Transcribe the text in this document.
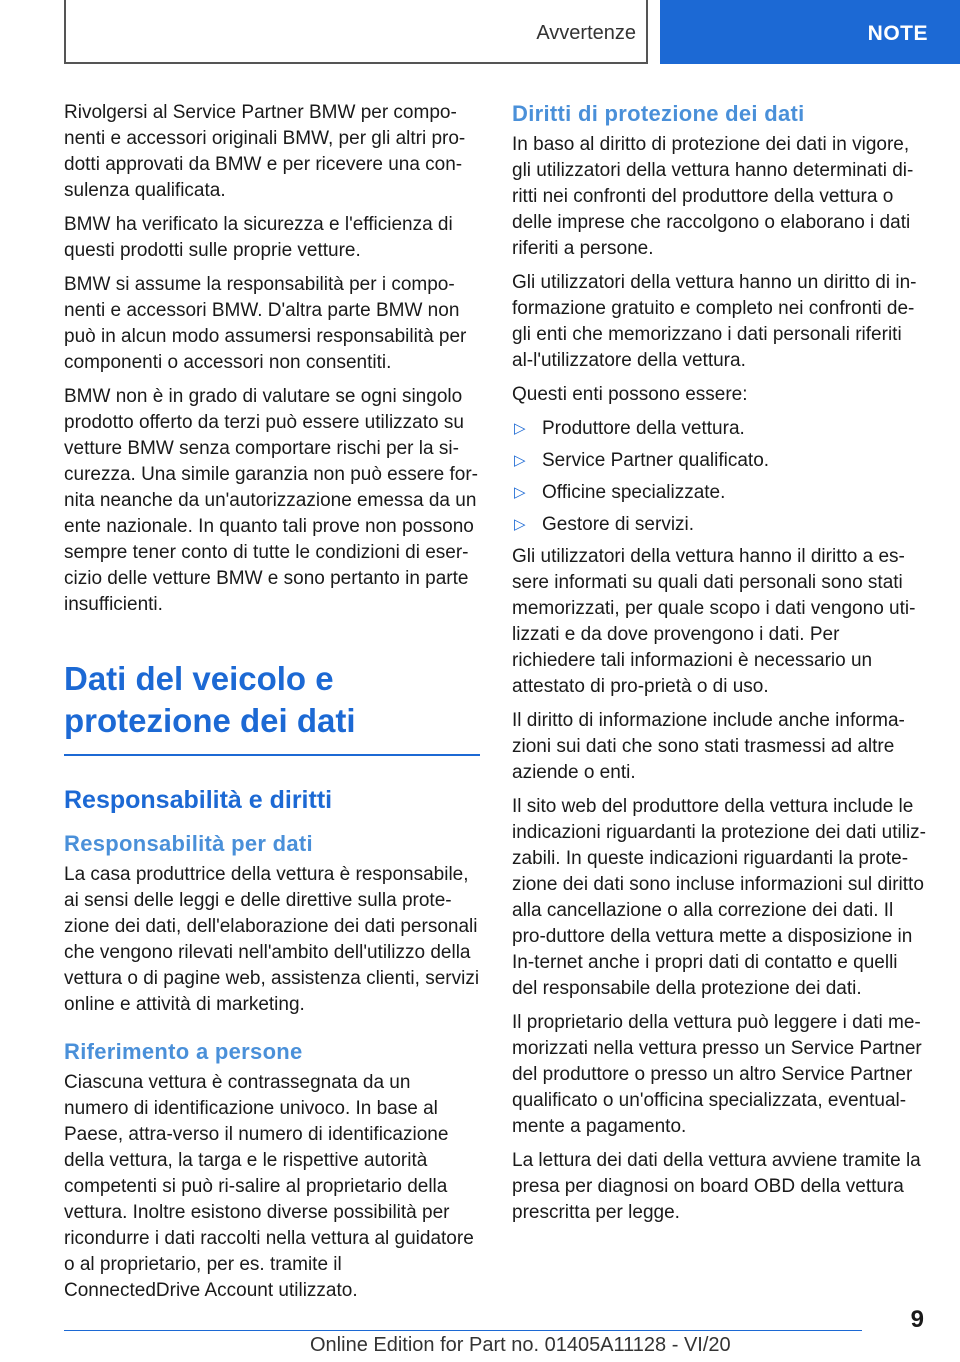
Avvertenze	NOTE

Rivolgersi al Service Partner BMW per compo-nenti e accessori originali BMW, per gli altri pro-dotti approvati da BMW e per ricevere una con-sulenza qualificata.

BMW ha verificato la sicurezza e l'efficienza di questi prodotti sulle proprie vetture.

BMW si assume la responsabilità per i compo-nenti e accessori BMW. D'altra parte BMW non può in alcun modo assumersi responsabilità per componenti o accessori non consentiti.

BMW non è in grado di valutare se ogni singolo prodotto offerto da terzi può essere utilizzato su vetture BMW senza comportare rischi per la si-curezza. Una simile garanzia non può essere for-nita neanche da un'autorizzazione emessa da un ente nazionale. In quanto tali prove non possono sempre tener conto di tutte le condizioni di eser-cizio delle vetture BMW e sono pertanto in parte insufficienti.

Dati del veicolo e protezione dei dati
Responsabilità e diritti
Responsabilità per dati

La casa produttrice della vettura è responsabile, ai sensi delle leggi e delle direttive sulla prote-zione dei dati, dell'elaborazione dei dati personali che vengono rilevati nell'ambito dell'utilizzo della vettura o di pagine web, assistenza clienti, servizi online e attività di marketing.

Riferimento a persone

Ciascuna vettura è contrassegnata da un numero di identificazione univoco. In base al Paese, attra-verso il numero di identificazione della vettura, la targa e le rispettive autorità competenti si può ri-salire al proprietario della vettura. Inoltre esistono diverse possibilità per ricondurre i dati raccolti nella vettura al guidatore o al proprietario, per es. tramite il ConnectedDrive Account utilizzato.

Diritti di protezione dei dati

In baso al diritto di protezione dei dati in vigore, gli utilizzatori della vettura hanno determinati di-ritti nei confronti del produttore della vettura o delle imprese che raccolgono o elaborano i dati riferiti a persone.

Gli utilizzatori della vettura hanno un diritto di in-formazione gratuito e completo nei confronti de-gli enti che memorizzano i dati personali riferiti al-l'utilizzatore della vettura.

Questi enti possono essere:

▷ Produttore della vettura.
▷ Service Partner qualificato.
▷ Officine specializzate.
▷ Gestore di servizi.

Gli utilizzatori della vettura hanno il diritto a es-sere informati su quali dati personali sono stati memorizzati, per quale scopo i dati vengono uti-lizzati e da dove provengono i dati. Per richiedere tali informazioni è necessario un attestato di pro-prietà o di uso.

Il diritto di informazione include anche informa-zioni sui dati che sono stati trasmessi ad altre aziende o enti.

Il sito web del produttore della vettura include le indicazioni riguardanti la protezione dei dati utiliz-zabili. In queste indicazioni riguardanti la prote-zione dei dati sono incluse informazioni sul diritto alla cancellazione o alla correzione dei dati. Il pro-duttore della vettura mette a disposizione in In-ternet anche i propri dati di contatto e quelli del responsabile della protezione dei dati.

Il proprietario della vettura può leggere i dati me-morizzati nella vettura presso un Service Partner del produttore o presso un altro Service Partner qualificato o un'officina specializzata, eventual-mente a pagamento.

La lettura dei dati della vettura avviene tramite la presa per diagnosi on board OBD della vettura prescritta per legge.

9
Online Edition for Part no. 01405A11128 - VI/20
